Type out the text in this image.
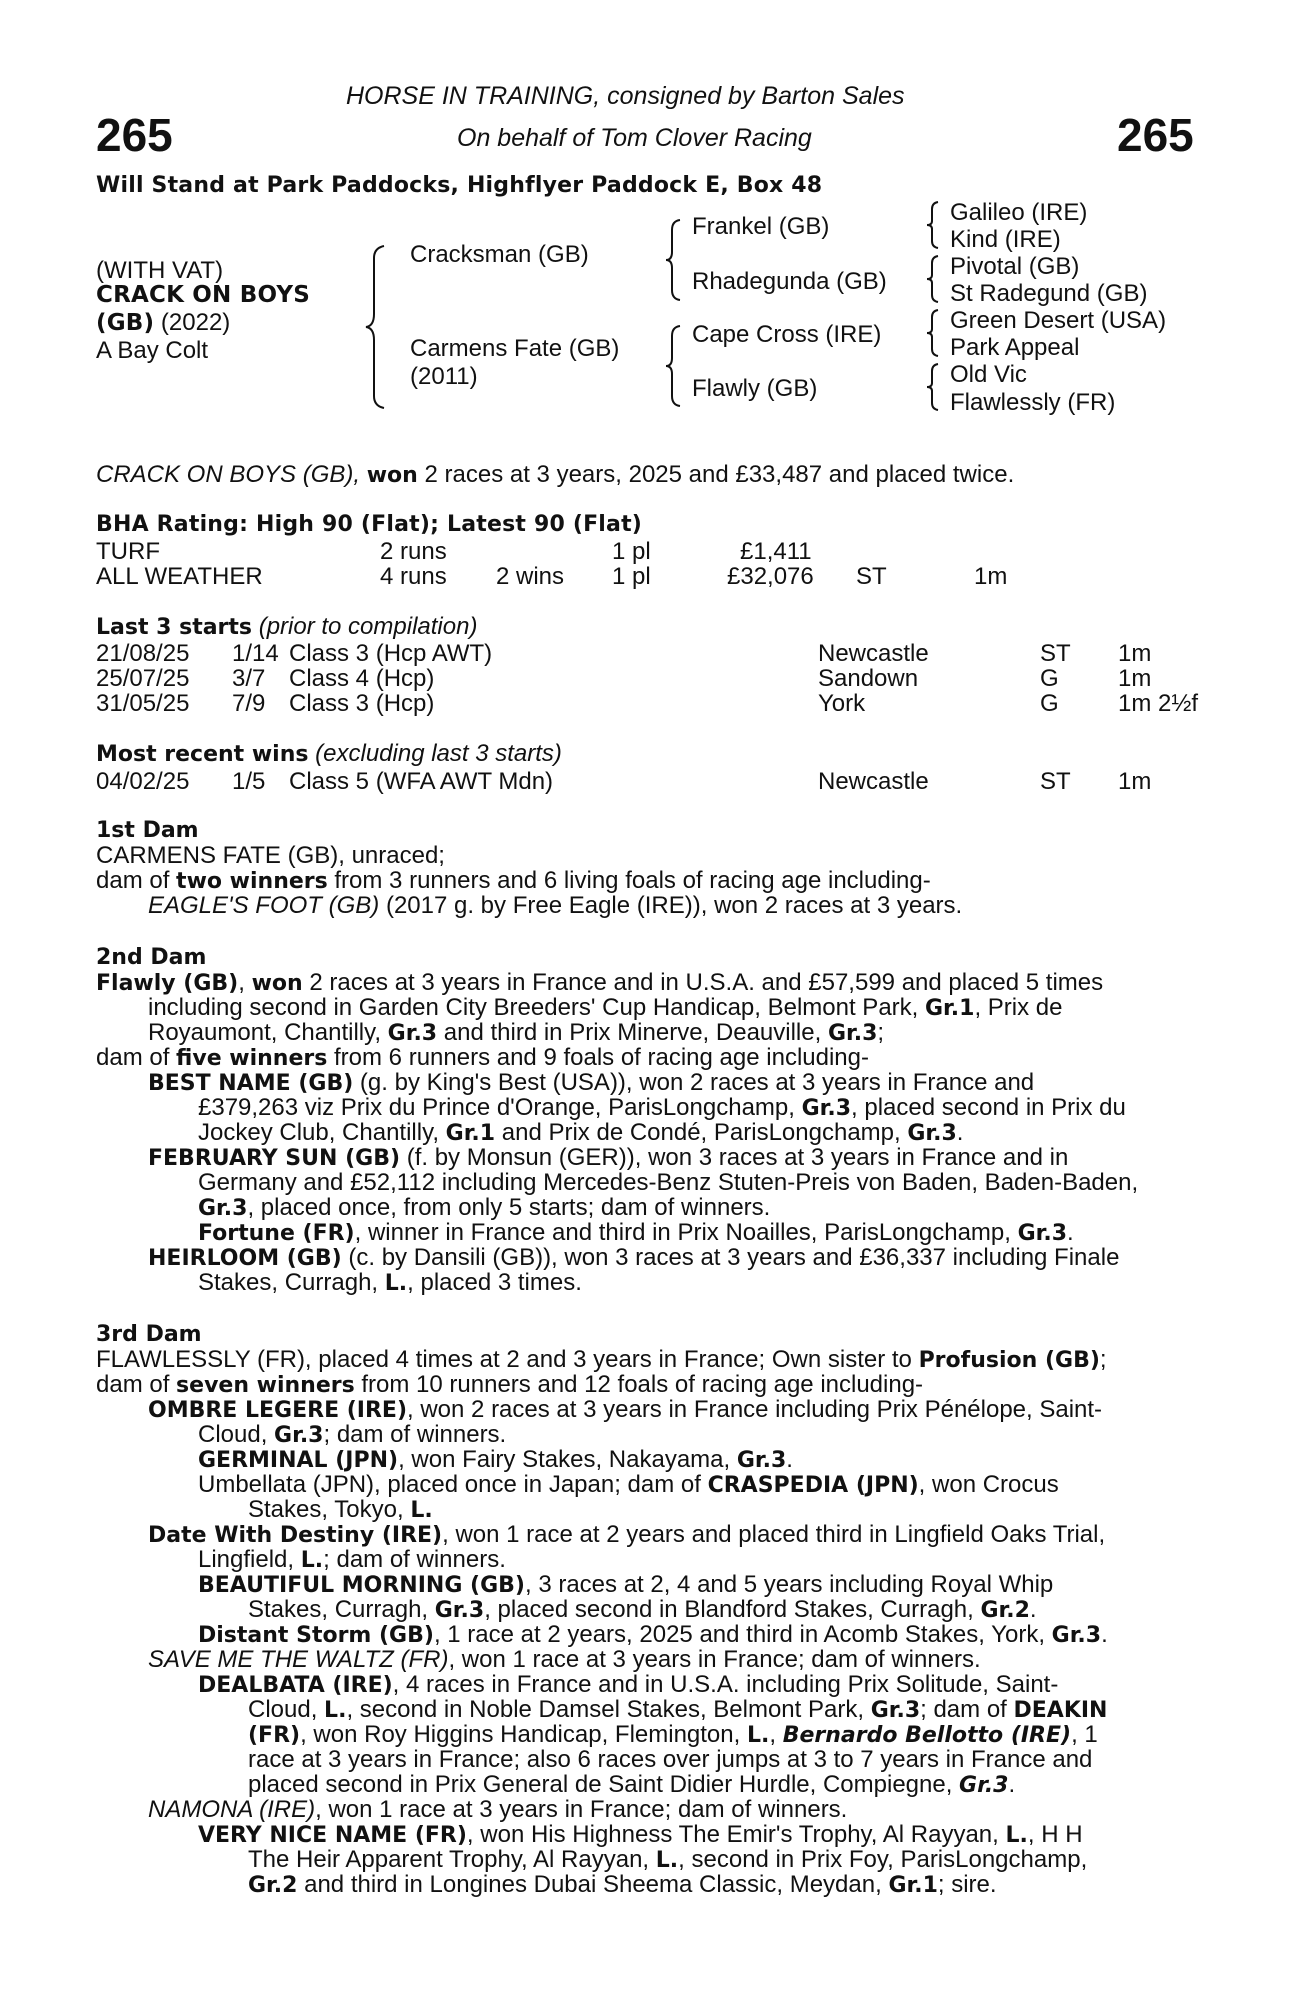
265	265
HORSE IN TRAINING, consigned by Barton Sales
On behalf of Tom Clover Racing
Will Stand at Park Paddocks, Highflyer Paddock E, Box 48
(WITH VAT)
CRACK ON BOYS
(GB) (2022)
A Bay Colt
Cracksman (GB)
Carmens Fate (GB)
(2011)
Frankel (GB)
Rhadegunda (GB)
Cape Cross (IRE)
Flawly (GB)
Galileo (IRE)
Kind (IRE)
Pivotal (GB)
St Radegund (GB)
Green Desert (USA)
Park Appeal
Old Vic
Flawlessly (FR)
CRACK ON BOYS (GB), won 2 races at 3 years, 2025 and £33,487 and placed twice.
BHA Rating: High 90 (Flat); Latest 90 (Flat)
TURF	2 runs	1 pl	£1,411
ALL WEATHER	4 runs 2 wins 1 pl	£32,076 ST	1m
Last 3 starts (prior to compilation)
21/08/25 1/14 Class 3 (Hcp AWT)	Newcastle	ST 1m
25/07/25 3/7 Class 4 (Hcp)	Sandown	G 1m
31/05/25 7/9 Class 3 (Hcp)	York	G 1m 2½f
Most recent wins (excluding last 3 starts)
04/02/25 1/5 Class 5 (WFA AWT Mdn)	Newcastle	ST 1m
1st Dam
CARMENS FATE (GB), unraced;
dam of two winners from 3 runners and 6 living foals of racing age including-
EAGLE'S FOOT (GB) (2017 g. by Free Eagle (IRE)), won 2 races at 3 years.
2nd Dam
Flawly (GB), won 2 races at 3 years in France and in U.S.A. and £57,599 and placed 5 times
including second in Garden City Breeders' Cup Handicap, Belmont Park, Gr.1, Prix de
Royaumont, Chantilly, Gr.3 and third in Prix Minerve, Deauville, Gr.3;
dam of five winners from 6 runners and 9 foals of racing age including-
BEST NAME (GB) (g. by King's Best (USA)), won 2 races at 3 years in France and
£379,263 viz Prix du Prince d'Orange, ParisLongchamp, Gr.3, placed second in Prix du
Jockey Club, Chantilly, Gr.1 and Prix de Condé, ParisLongchamp, Gr.3.
FEBRUARY SUN (GB) (f. by Monsun (GER)), won 3 races at 3 years in France and in
Germany and £52,112 including Mercedes-Benz Stuten-Preis von Baden, Baden-Baden,
Gr.3, placed once, from only 5 starts; dam of winners.
Fortune (FR), winner in France and third in Prix Noailles, ParisLongchamp, Gr.3.
HEIRLOOM (GB) (c. by Dansili (GB)), won 3 races at 3 years and £36,337 including Finale
Stakes, Curragh, L., placed 3 times.
3rd Dam
FLAWLESSLY (FR), placed 4 times at 2 and 3 years in France; Own sister to Profusion (GB);
dam of seven winners from 10 runners and 12 foals of racing age including-
OMBRE LEGERE (IRE), won 2 races at 3 years in France including Prix Pénélope, Saint-
Cloud, Gr.3; dam of winners.
GERMINAL (JPN), won Fairy Stakes, Nakayama, Gr.3.
Umbellata (JPN), placed once in Japan; dam of CRASPEDIA (JPN), won Crocus
Stakes, Tokyo, L.
Date With Destiny (IRE), won 1 race at 2 years and placed third in Lingfield Oaks Trial,
Lingfield, L.; dam of winners.
BEAUTIFUL MORNING (GB), 3 races at 2, 4 and 5 years including Royal Whip
Stakes, Curragh, Gr.3, placed second in Blandford Stakes, Curragh, Gr.2.
Distant Storm (GB), 1 race at 2 years, 2025 and third in Acomb Stakes, York, Gr.3.
SAVE ME THE WALTZ (FR), won 1 race at 3 years in France; dam of winners.
DEALBATA (IRE), 4 races in France and in U.S.A. including Prix Solitude, Saint-
Cloud, L., second in Noble Damsel Stakes, Belmont Park, Gr.3; dam of DEAKIN
(FR), won Roy Higgins Handicap, Flemington, L., Bernardo Bellotto (IRE), 1
race at 3 years in France; also 6 races over jumps at 3 to 7 years in France and
placed second in Prix General de Saint Didier Hurdle, Compiegne, Gr.3.
NAMONA (IRE), won 1 race at 3 years in France; dam of winners.
VERY NICE NAME (FR), won His Highness The Emir's Trophy, Al Rayyan, L., H H
The Heir Apparent Trophy, Al Rayyan, L., second in Prix Foy, ParisLongchamp,
Gr.2 and third in Longines Dubai Sheema Classic, Meydan, Gr.1; sire.
